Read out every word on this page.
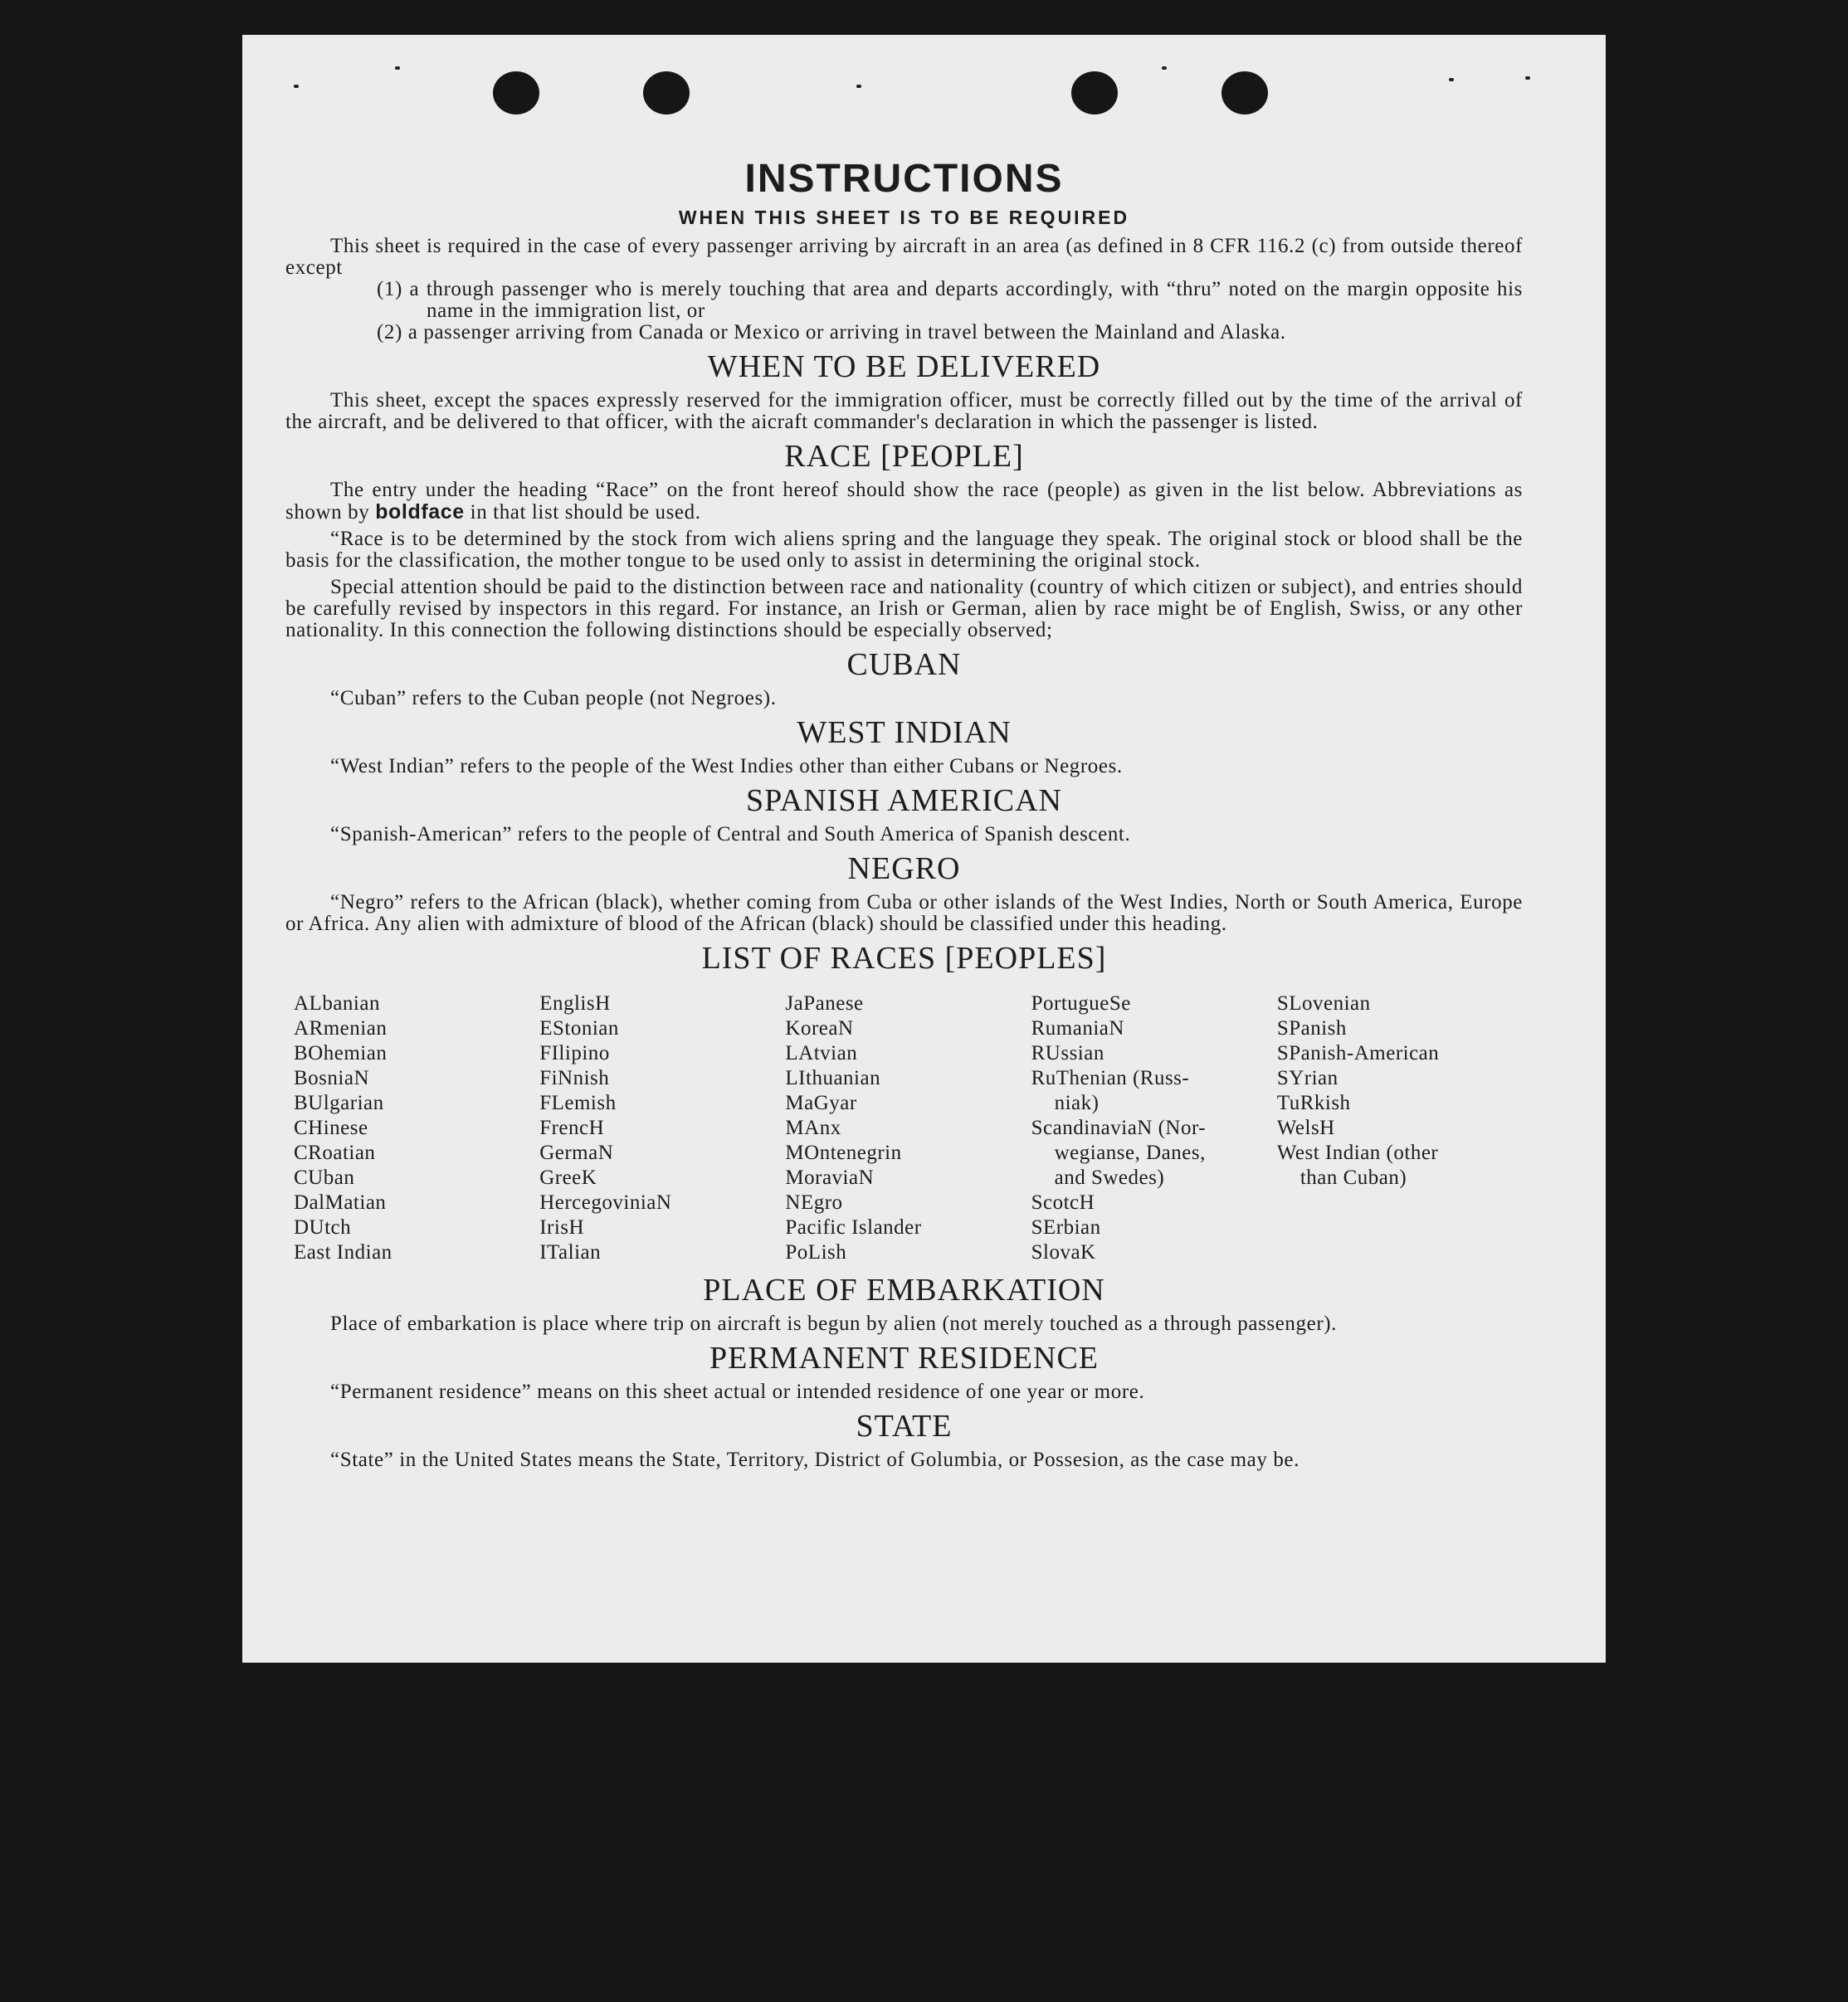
INSTRUCTIONS
WHEN THIS SHEET IS TO BE REQUIRED

This sheet is required in the case of every passenger arriving by aircraft in an area (as defined in 8 CFR 116.2 (c) from outside thereof except

(1) a through passenger who is merely touching that area and departs accordingly, with “thru” noted on the margin opposite his name in the immigration list, or

(2) a passenger arriving from Canada or Mexico or arriving in travel between the Mainland and Alaska.

WHEN TO BE DELIVERED

This sheet, except the spaces expressly reserved for the immigration officer, must be correctly filled out by the time of the arrival of the aircraft, and be delivered to that officer, with the aicraft commander's declaration in which the passenger is listed.

RACE [PEOPLE]

The entry under the heading “Race” on the front hereof should show the race (people) as given in the list below. Abbreviations as shown by boldface in that list should be used.

“Race is to be determined by the stock from wich aliens spring and the language they speak. The original stock or blood shall be the basis for the classification, the mother tongue to be used only to assist in determining the original stock.

Special attention should be paid to the distinction between race and nationality (country of which citizen or subject), and entries should be carefully revised by inspectors in this regard. For instance, an Irish or German, alien by race might be of English, Swiss, or any other nationality. In this connection the following distinctions should be especially observed;

CUBAN

“Cuban” refers to the Cuban people (not Negroes).

WEST INDIAN

“West Indian” refers to the people of the West Indies other than either Cubans or Negroes.

SPANISH AMERICAN

“Spanish-American” refers to the people of Central and South America of Spanish descent.

NEGRO

“Negro” refers to the African (black), whether coming from Cuba or other islands of the West Indies, North or South America, Europe or Africa. Any alien with admixture of blood of the African (black) should be classified under this heading.

LIST OF RACES [PEOPLES]
ALbanian
ARmenian
BOhemian
BosniaN
BUlgarian
CHinese
CRoatian
CUban
DalMatian
DUtch
East Indian
EnglisH
EStonian
FIlipino
FiNnish
FLemish
FrencH
GermaN
GreeK
HercegoviniaN
IrisH
ITalian
JaPanese
KoreaN
LAtvian
LIthuanian
MaGyar
MAnx
MOntenegrin
MoraviaN
NEgro
Pacific Islander
PoLish
PortugueSe
RumaniaN
RUssian
RuThenian (Russ-
niak)
ScandinaviaN (Nor-
wegianse, Danes,
and Swedes)
ScotcH
SErbian
SlovaK
SLovenian
SPanish
SPanish-American
SYrian
TuRkish
WelsH
West Indian (other
than Cuban)
PLACE OF EMBARKATION

Place of embarkation is place where trip on aircraft is begun by alien (not merely touched as a through passenger).

PERMANENT RESIDENCE

“Permanent residence” means on this sheet actual or intended residence of one year or more.

STATE

“State” in the United States means the State, Territory, District of Golumbia, or Possesion, as the case may be.
